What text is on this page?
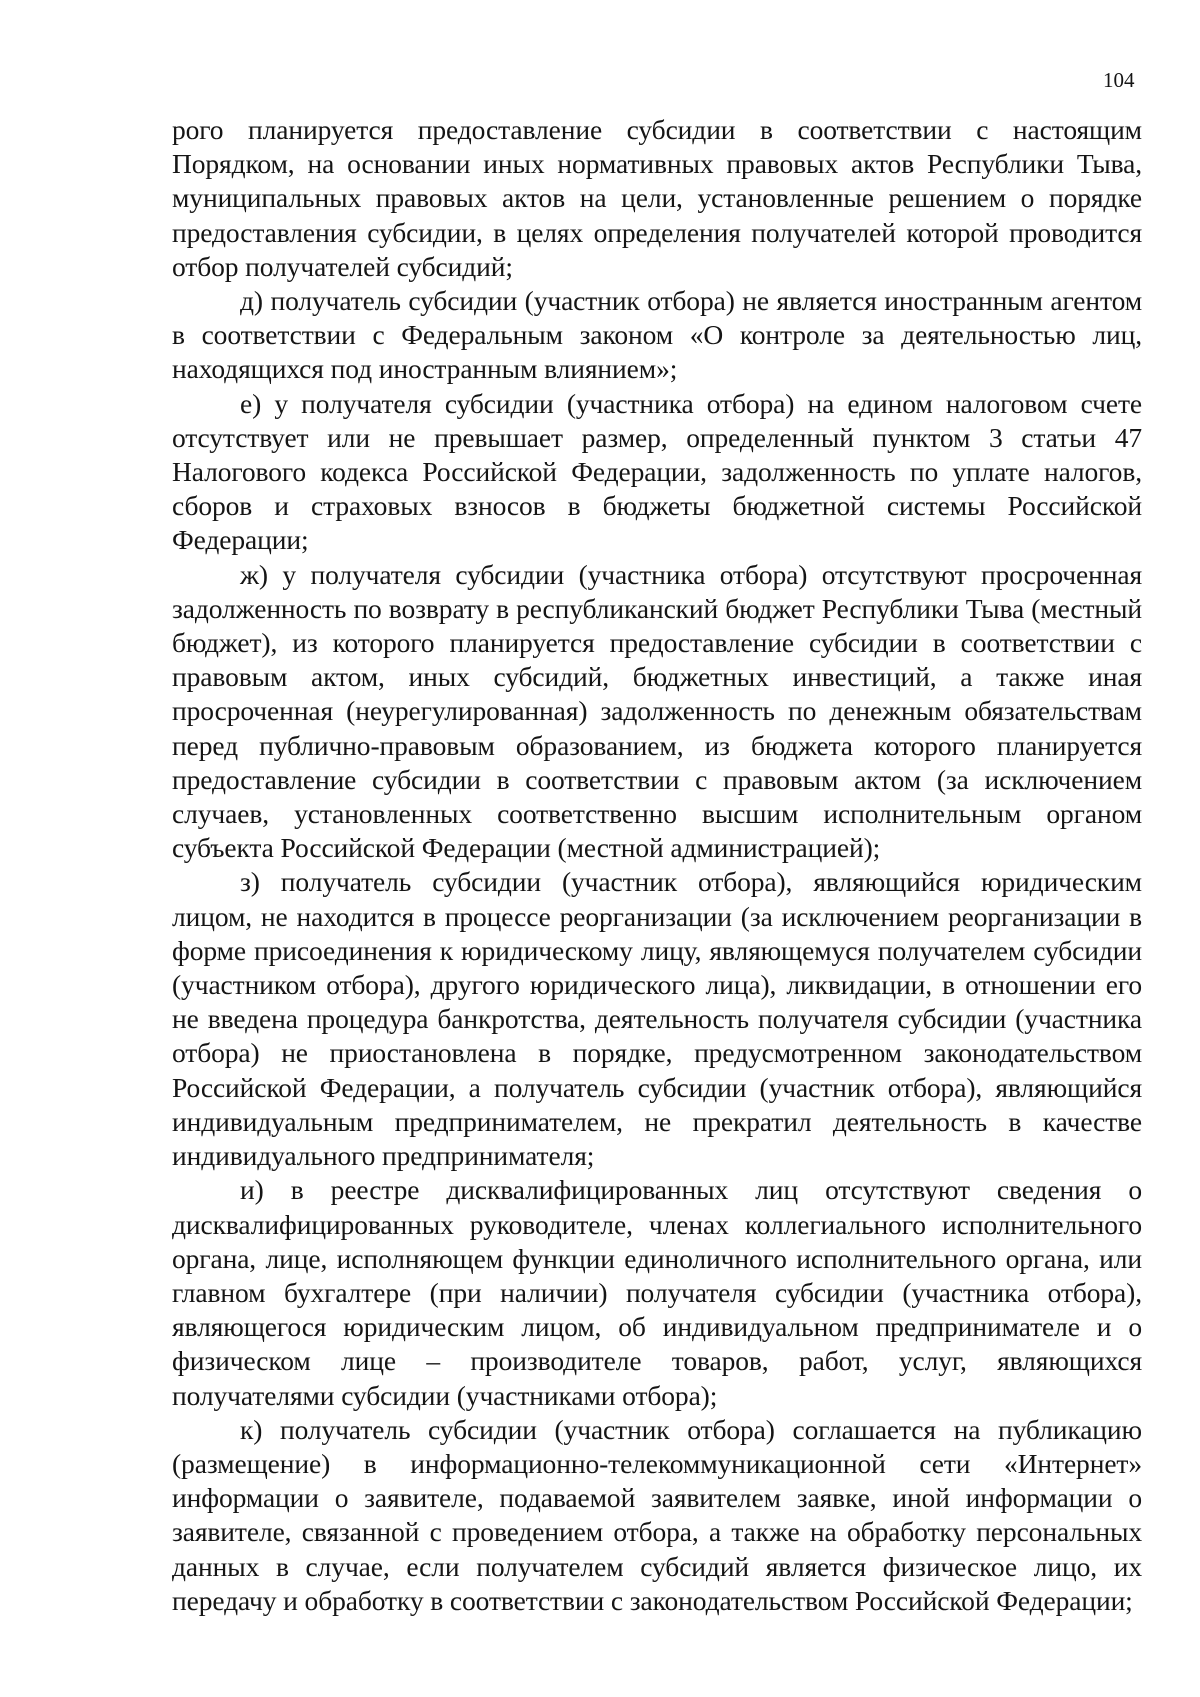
104

рого планируется предоставление субсидии в соответствии с настоящим Порядком, на основании иных нормативных правовых актов Республики Тыва, муниципальных правовых актов на цели, установленные решением о порядке предоставления субсидии, в целях определения получателей которой проводится отбор получателей субсидий;

д) получатель субсидии (участник отбора) не является иностранным агентом в соответствии с Федеральным законом «О контроле за деятельностью лиц, находящихся под иностранным влиянием»;

е) у получателя субсидии (участника отбора) на едином налоговом счете отсутствует или не превышает размер, определенный пунктом 3 статьи 47 Налогового кодекса Российской Федерации, задолженность по уплате налогов, сборов и страховых взносов в бюджеты бюджетной системы Российской Федерации;

ж) у получателя субсидии (участника отбора) отсутствуют просроченная задолженность по возврату в республиканский бюджет Республики Тыва (местный бюджет), из которого планируется предоставление субсидии в соответствии с правовым актом, иных субсидий, бюджетных инвестиций, а также иная просроченная (неурегулированная) задолженность по денежным обязательствам перед публично-правовым образованием, из бюджета которого планируется предоставление субсидии в соответствии с правовым актом (за исключением случаев, установленных соответственно высшим исполнительным органом субъекта Российской Федерации (местной администрацией);

з) получатель субсидии (участник отбора), являющийся юридическим лицом, не находится в процессе реорганизации (за исключением реорганизации в форме присоединения к юридическому лицу, являющемуся получателем субсидии (участником отбора), другого юридического лица), ликвидации, в отношении его не введена процедура банкротства, деятельность получателя субсидии (участника отбора) не приостановлена в порядке, предусмотренном законодательством Российской Федерации, а получатель субсидии (участник отбора), являющийся индивидуальным предпринимателем, не прекратил деятельность в качестве индивидуального предпринимателя;

и) в реестре дисквалифицированных лиц отсутствуют сведения о дисквалифицированных руководителе, членах коллегиального исполнительного органа, лице, исполняющем функции единоличного исполнительного органа, или главном бухгалтере (при наличии) получателя субсидии (участника отбора), являющегося юридическим лицом, об индивидуальном предпринимателе и о физическом лице – производителе товаров, работ, услуг, являющихся получателями субсидии (участниками отбора);

к) получатель субсидии (участник отбора) соглашается на публикацию (размещение) в информационно-телекоммуникационной сети «Интернет» информации о заявителе, подаваемой заявителем заявке, иной информации о заявителе, связанной с проведением отбора, а также на обработку персональных данных в случае, если получателем субсидий является физическое лицо, их передачу и обработку в соответствии с законодательством Российской Федерации;
